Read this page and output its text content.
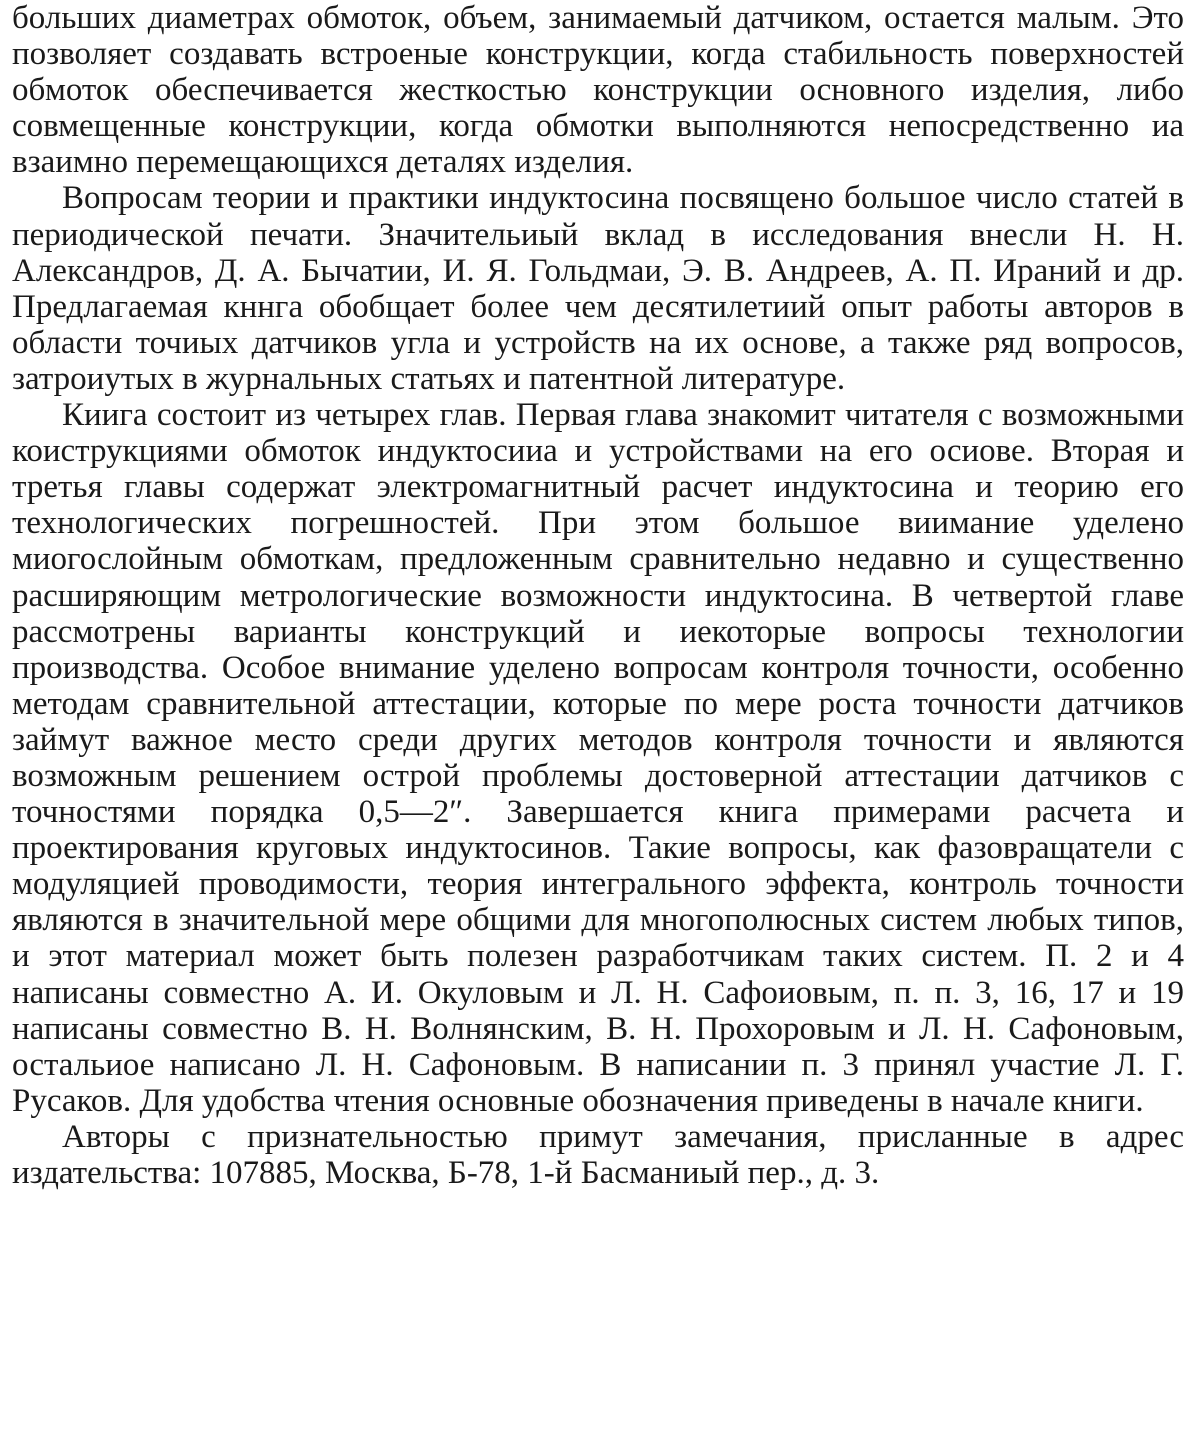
больших диаметрах обмоток, объем, занимаемый датчиком, остается малым. Это позволяет создавать встроеные конструкции, когда стабильность поверхностей обмоток обеспечивается жесткостью конструкции основного изделия, либо совмещенные конструкции, когда обмотки выполняются непосредственно иа взаимно перемещающихся деталях изделия.

Вопросам теории и практики индуктосина посвящено большое число статей в периодической печати. Значительиый вклад в исследования внесли Н. Н. Александров, Д. А. Бычатии, И. Я. Гольдмаи, Э. В. Андреев, А. П. Ираний и др. Предлагаемая кннга обобщает более чем десятилетиий опыт работы авторов в области точиых датчиков угла и устройств на их основе, а также ряд вопросов, затроиутых в журнальных статьях и патентной литературе.

Киига состоит из четырех глав. Первая глава знакомит читателя с возможными коиструкциями обмоток индуктосииа и устройствами на его осиове. Вторая и третья главы содержат электромагнитный расчет индуктосина и теорию его технологических погрешностей. При этом большое виимание уделено миогослойным обмоткам, предложенным сравнительно недавно и существенно расширяющим метрологические возможности индуктосина. В четвертой главе рассмотрены варианты конструкций и иекоторые вопросы технологии производства. Особое внимание уделено вопросам контроля точности, особенно методам сравнительной аттестации, которые по мере роста точности датчиков займут важное место среди других методов контроля точности и являются возможным решением острой проблемы достоверной аттестации датчиков с точностями порядка 0,5—2″. Завершается книга примерами расчета и проектирования круговых индуктосинов. Такие вопросы, как фазовращатели с модуляцией проводимости, теория интегрального эффекта, контроль точности являются в значительной мере общими для многополюсных систем любых типов, и этот материал может быть полезен разработчикам таких систем. П. 2 и 4 написаны совместно А. И. Окуловым и Л. Н. Сафоиовым, п. п. 3, 16, 17 и 19 написаны совместно В. Н. Волнянским, В. Н. Прохоровым и Л. Н. Сафоновым, остальиое написано Л. Н. Сафоновым. В написании п. 3 принял участие Л. Г. Русаков. Для удобства чтения основные обозначения приведены в начале книги.

Авторы с признательностью примут замечания, присланные в адрес издательства: 107885, Москва, Б-78, 1-й Басманиый пер., д. 3.
